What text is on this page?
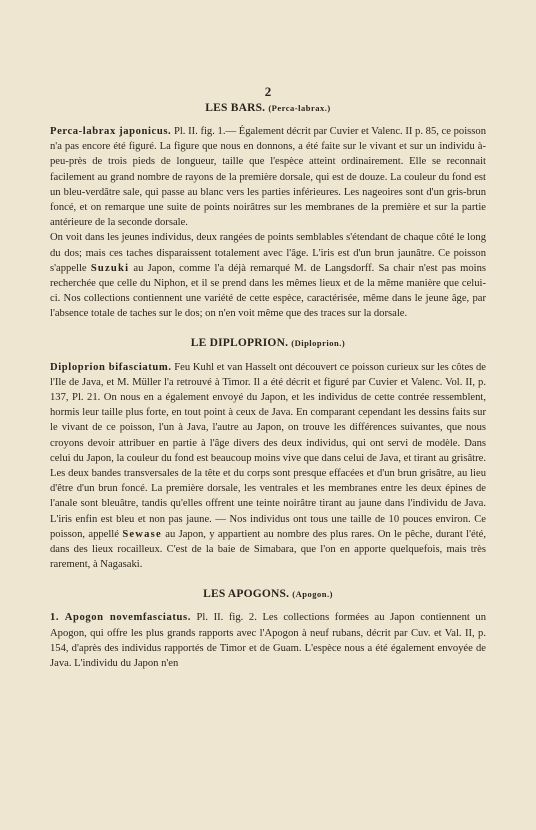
2
LES BARS. (Perca-labrax.)

Perca-labrax japonicus. Pl. II. fig. 1.— Également décrit par Cuvier et Valenc. II p. 85, ce poisson n'a pas encore été figuré. La figure que nous en donnons, a été faite sur le vivant et sur un individu à-peu-près de trois pieds de longueur, taille que l'espèce atteint ordinairement. Elle se reconnait facilement au grand nombre de rayons de la première dorsale, qui est de douze. La couleur du fond est un bleu-verdâtre sale, qui passe au blanc vers les parties inférieures. Les nageoires sont d'un gris-brun foncé, et on remarque une suite de points noirâtres sur les membranes de la première et sur la partie antérieure de la seconde dorsale.

On voit dans les jeunes individus, deux rangées de points semblables s'étendant de chaque côté le long du dos; mais ces taches disparaissent totalement avec l'âge. L'iris est d'un brun jaunâtre. Ce poisson s'appelle Suzuki au Japon, comme l'a déjà remarqué M. de Langsdorff. Sa chair n'est pas moins recherchée que celle du Niphon, et il se prend dans les mêmes lieux et de la même manière que celui-ci. Nos collections contiennent une variété de cette espèce, caractérisée, même dans le jeune âge, par l'absence totale de taches sur le dos; on n'en voit même que des traces sur la dorsale.

LE DIPLOPRION. (Diploprion.)

Diploprion bifasciatum. Feu Kuhl et van Hasselt ont découvert ce poisson curieux sur les côtes de l'Ile de Java, et M. Müller l'a retrouvé à Timor. Il a été décrit et figuré par Cuvier et Valenc. Vol. II, p. 137, Pl. 21. On nous en a également envoyé du Japon, et les individus de cette contrée ressemblent, hormis leur taille plus forte, en tout point à ceux de Java. En comparant cependant les dessins faits sur le vivant de ce poisson, l'un à Java, l'autre au Japon, on trouve les différences suivantes, que nous croyons devoir attribuer en partie à l'âge divers des deux individus, qui ont servi de modèle. Dans celui du Japon, la couleur du fond est beaucoup moins vive que dans celui de Java, et tirant au grisâtre. Les deux bandes transversales de la tête et du corps sont presque effacées et d'un brun grisâtre, au lieu d'être d'un brun foncé. La première dorsale, les ventrales et les membranes entre les deux épines de l'anale sont bleuâtre, tandis qu'elles offrent une teinte noirâtre tirant au jaune dans l'individu de Java. L'iris enfin est bleu et non pas jaune. — Nos individus ont tous une taille de 10 pouces environ. Ce poisson, appellé Sewase au Japon, y appartient au nombre des plus rares. On le pêche, durant l'été, dans des lieux rocailleux. C'est de la baie de Simabara, que l'on en apporte quelquefois, mais très rarement, à Nagasaki.

LES APOGONS. (Apogon.)

1. Apogon novemfasciatus. Pl. II. fig. 2. Les collections formées au Japon contiennent un Apogon, qui offre les plus grands rapports avec l'Apogon à neuf rubans, décrit par Cuv. et Val. II, p. 154, d'après des individus rapportés de Timor et de Guam. L'espèce nous a été également envoyée de Java. L'individu du Japon n'en
